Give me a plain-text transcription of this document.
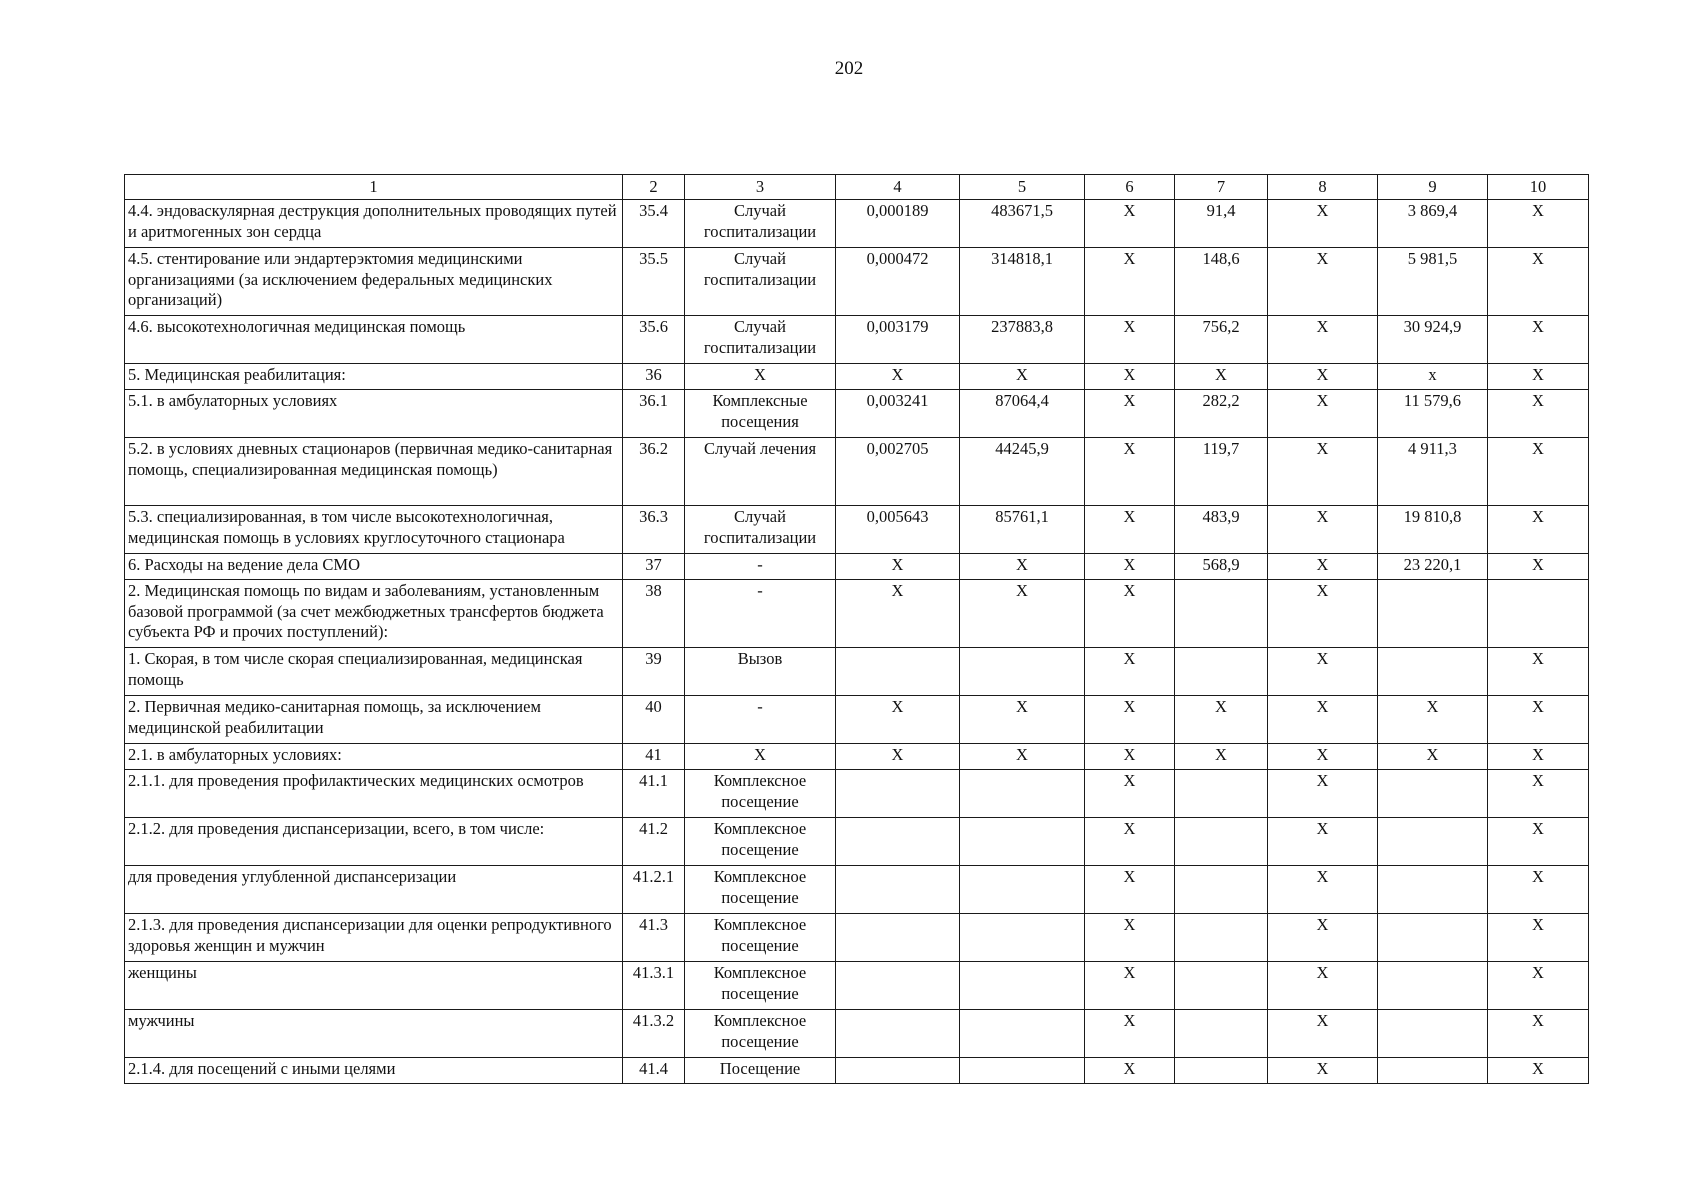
202
1	2	3	4	5	6	7	8	9	10
4.4. эндоваскулярная деструкция дополнительных проводящих путей и аритмогенных зон сердца	35.4	Случай госпитализации	0,000189	483671,5	X	91,4	X	3 869,4	X
4.5. стентирование или эндартерэктомия медицинскими организациями (за исключением федеральных медицинских организаций)	35.5	Случай госпитализации	0,000472	314818,1	X	148,6	X	5 981,5	X
4.6. высокотехнологичная медицинская помощь	35.6	Случай госпитализации	0,003179	237883,8	X	756,2	X	30 924,9	X
5. Медицинская реабилитация:	36	X	X	X	X	X	X	x	X
5.1. в амбулаторных условиях	36.1	Комплексные посещения	0,003241	87064,4	X	282,2	X	11 579,6	X
5.2. в условиях дневных стационаров (первичная медико-санитарная помощь, специализированная медицинская помощь)	36.2	Случай лечения	0,002705	44245,9	X	119,7	X	4 911,3	X
5.3. специализированная, в том числе высокотехнологичная, медицинская помощь в условиях круглосуточного стационара	36.3	Случай госпитализации	0,005643	85761,1	X	483,9	X	19 810,8	X
6. Расходы на ведение дела СМО	37	-	X	X	X	568,9	X	23 220,1	X
2. Медицинская помощь по видам и заболеваниям, установленным базовой программой (за счет межбюджетных трансфертов бюджета субъекта РФ и прочих поступлений):	38	-	X	X	X		X		
1. Скорая, в том числе скорая специализированная, медицинская помощь	39	Вызов			X		X		X
2. Первичная медико-санитарная помощь, за исключением медицинской реабилитации	40	-	X	X	X	X	X	X	X
2.1. в амбулаторных условиях:	41	X	X	X	X	X	X	X	X
2.1.1. для проведения профилактических медицинских осмотров	41.1	Комплексное посещение			X		X		X
2.1.2. для проведения диспансеризации, всего, в том числе:	41.2	Комплексное посещение			X		X		X
для проведения углубленной диспансеризации	41.2.1	Комплексное посещение			X		X		X
2.1.3. для проведения диспансеризации для оценки репродуктивного здоровья женщин и мужчин	41.3	Комплексное посещение			X		X		X
женщины	41.3.1	Комплексное посещение			X		X		X
мужчины	41.3.2	Комплексное посещение			X		X		X
2.1.4. для посещений с иными целями	41.4	Посещение			X		X		X
